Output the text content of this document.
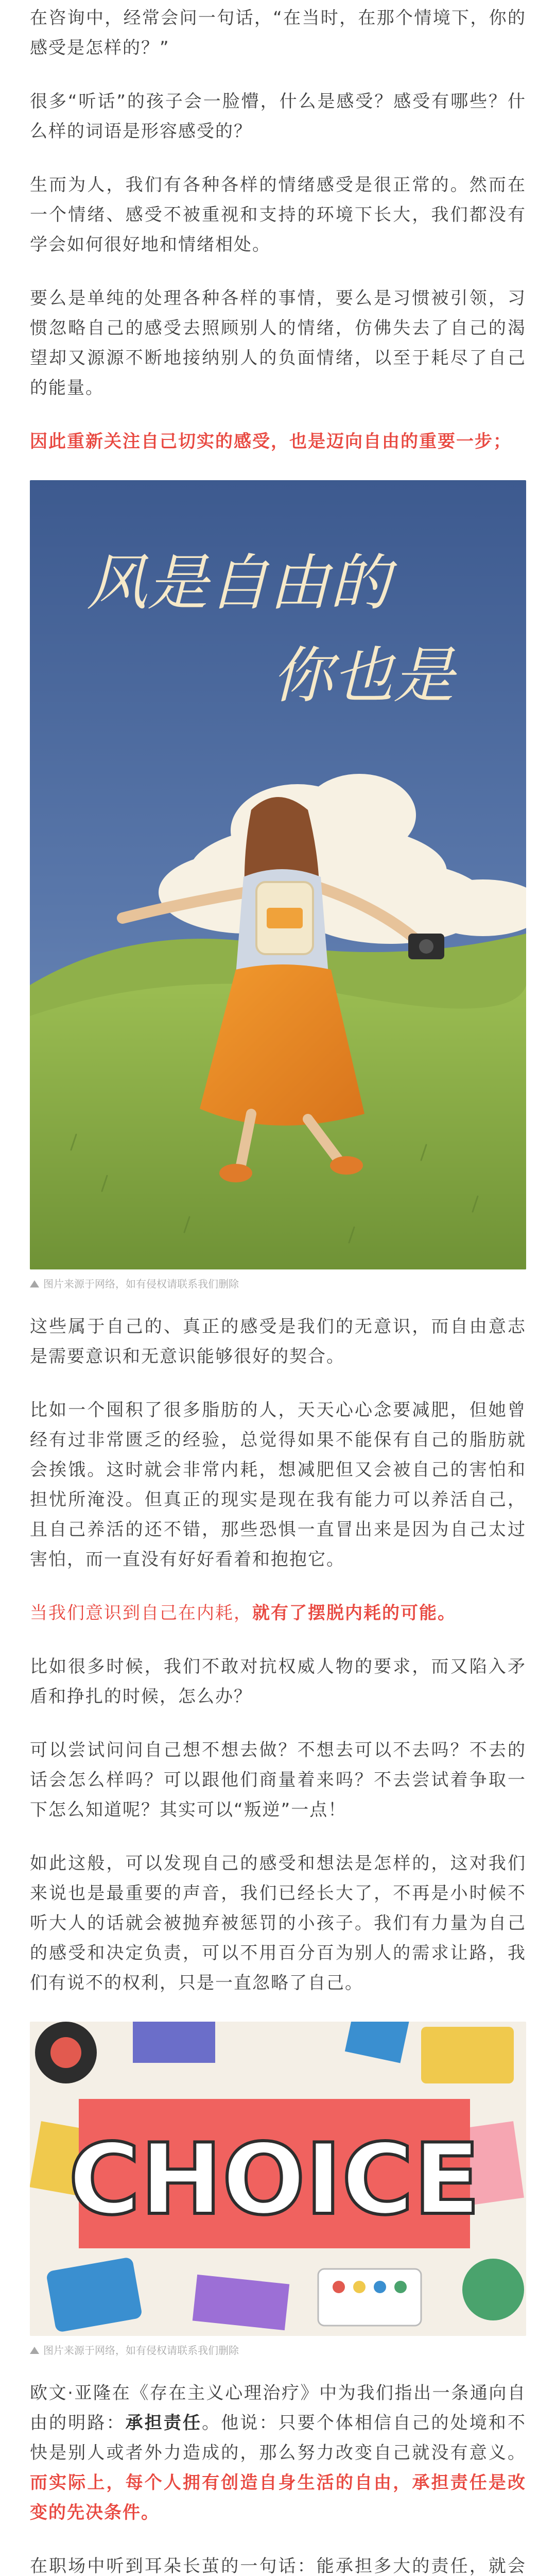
在咨询中，经常会问一句话，“在当时，在那个情境下，你的感受是怎样的？”

很多“听话”的孩子会一脸懵，什么是感受？感受有哪些？什么样的词语是形容感受的？

生而为人，我们有各种各样的情绪感受是很正常的。然而在一个情绪、感受不被重视和支持的环境下长大，我们都没有学会如何很好地和情绪相处。

要么是单纯的处理各种各样的事情，要么是习惯被引领，习惯忽略自己的感受去照顾别人的情绪，仿佛失去了自己的渴望却又源源不断地接纳别人的负面情绪，以至于耗尽了自己的能量。

因此重新关注自己切实的感受，也是迈向自由的重要一步；

风是自由的
你也是
图片来源于网络，如有侵权请联系我们删除

这些属于自己的、真正的感受是我们的无意识，而自由意志是需要意识和无意识能够很好的契合。

比如一个囤积了很多脂肪的人，天天心心念要减肥，但她曾经有过非常匮乏的经验，总觉得如果不能保有自己的脂肪就会挨饿。这时就会非常内耗，想减肥但又会被自己的害怕和担忧所淹没。但真正的现实是现在我有能力可以养活自己，且自己养活的还不错，那些恐惧一直冒出来是因为自己太过害怕，而一直没有好好看着和抱抱它。

当我们意识到自己在内耗，就有了摆脱内耗的可能。

比如很多时候，我们不敢对抗权威人物的要求，而又陷入矛盾和挣扎的时候，怎么办？

可以尝试问问自己想不想去做？不想去可以不去吗？不去的话会怎么样吗？可以跟他们商量着来吗？不去尝试着争取一下怎么知道呢？其实可以“叛逆”一点！

如此这般，可以发现自己的感受和想法是怎样的，这对我们来说也是最重要的声音，我们已经长大了，不再是小时候不听大人的话就会被抛弃被惩罚的小孩子。我们有力量为自己的感受和决定负责，可以不用百分百为别人的需求让路，我们有说不的权利，只是一直忽略了自己。

CHOICE
图片来源于网络，如有侵权请联系我们删除

欧文·亚隆在《存在主义心理治疗》中为我们指出一条通向自由的明路：承担责任。他说：只要个体相信自己的处境和不快是别人或者外力造成的，那么努力改变自己就没有意义。而实际上，每个人拥有创造自身生活的自由，承担责任是改变的先决条件。

在职场中听到耳朵长茧的一句话：能承担多大的责任，就会
